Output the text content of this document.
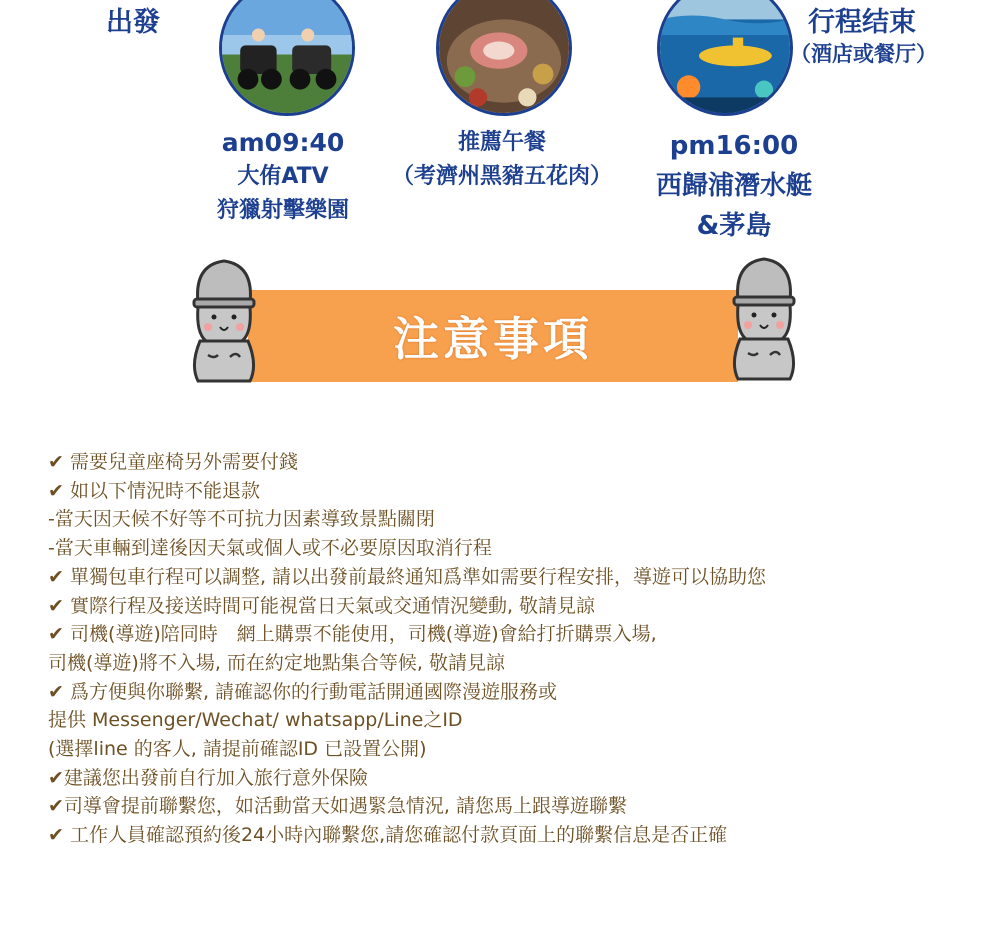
出發	行程结束
（酒店或餐厅）
am09:40
大侑ATV
狩獵射擊樂園
推薦午餐
（考濟州黑豬五花肉）
pm16:00
西歸浦潛水艇
&茅島
注意事項
✔ 需要兒童座椅另外需要付錢
✔ 如以下情況時不能退款
-當天因天候不好等不可抗力因素導致景點關閉
-當天車輛到達後因天氣或個人或不必要原因取消行程
✔ 單獨包車行程可以調整, 請以出發前最終通知爲準如需要行程安排，導遊可以協助您
✔ 實際行程及接送時間可能視當日天氣或交通情況變動, 敬請見諒
✔ 司機(導遊)陪同時　網上購票不能使用，司機(導遊)會給打折購票入場,
司機(導遊)將不入場, 而在約定地點集合等候, 敬請見諒
✔ 爲方便與你聯繫, 請確認你的行動電話開通國際漫遊服務或
提供 Messenger/Wechat/ whatsapp/Line之ID
(選擇line 的客人, 請提前確認ID 已設置公開)
✔建議您出發前自行加入旅行意外保險
✔司導會提前聯繫您，如活動當天如遇緊急情況, 請您馬上跟導遊聯繫
✔ 工作人員確認預約後24小時內聯繫您,請您確認付款頁面上的聯繫信息是否正確
